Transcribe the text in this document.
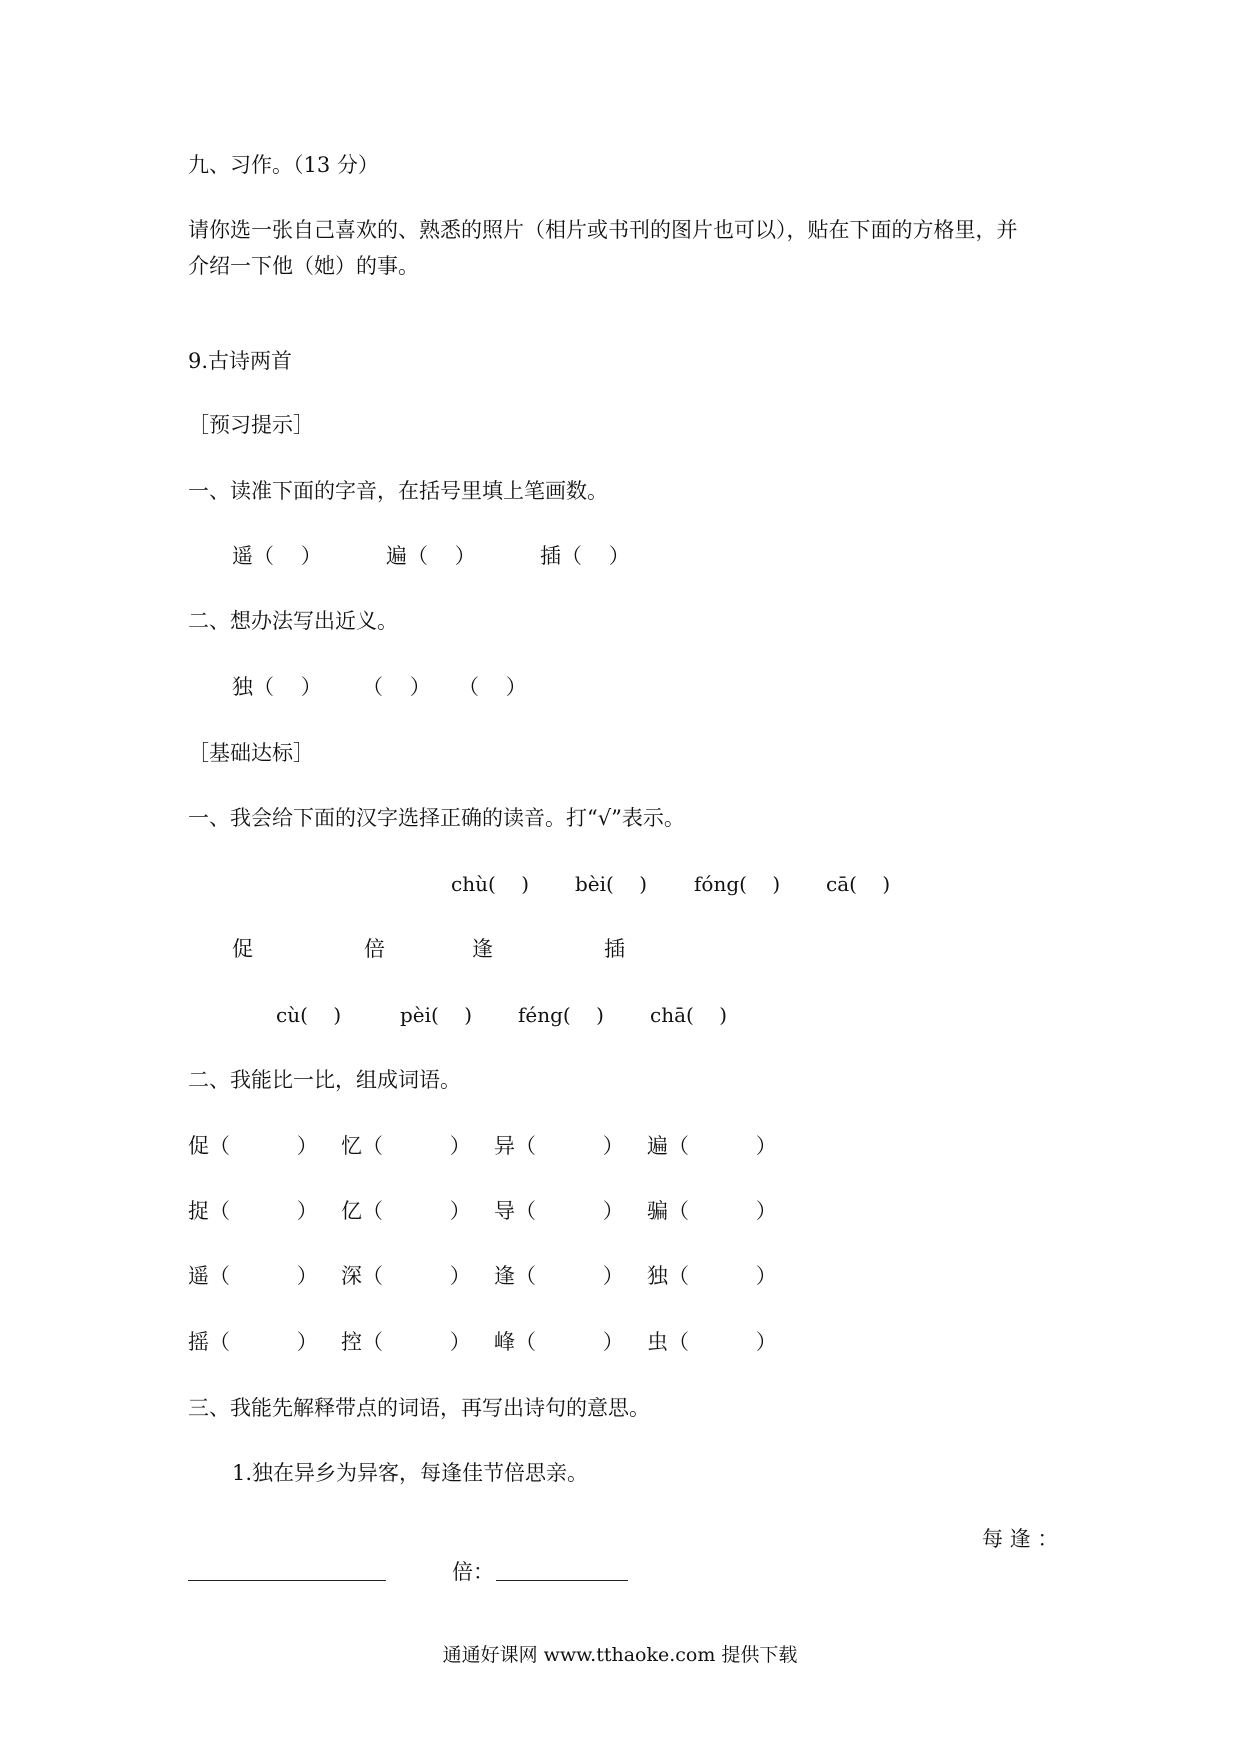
九、习作。（13 分）
请你选一张自己喜欢的、熟悉的照片（相片或书刊的图片也可以），贴在下面的方格里，并
介绍一下他（她）的事。
9.古诗两首
［预习提示］
一、读准下面的字音，在括号里填上笔画数。
遥（    ）	遍（    ）	插（    ）
二、想办法写出近义。
独（    ） （    ） （    ）
［基础达标］
一、我会给下面的汉字选择正确的读音。打“√”表示。
chù(    ) bèi(    ) fóng(    ) cā(    )
促	倍	逢	插
cù(    )	pèi(    ) féng(    ) chā(    )
二、我能比一比，组成词语。
促（          ） 忆（          ） 异（          ） 遍（          ）
捉（          ） 亿（          ） 导（          ） 骗（          ）
遥（          ） 深（          ） 逢（          ） 独（          ）
摇（          ） 控（          ） 峰（          ） 虫（          ）
三、我能先解释带点的词语，再写出诗句的意思。
1.独在异乡为异客，每逢佳节倍思亲。
每 逢 ：
倍：
通通好课网 www.tthaoke.com 提供下载
